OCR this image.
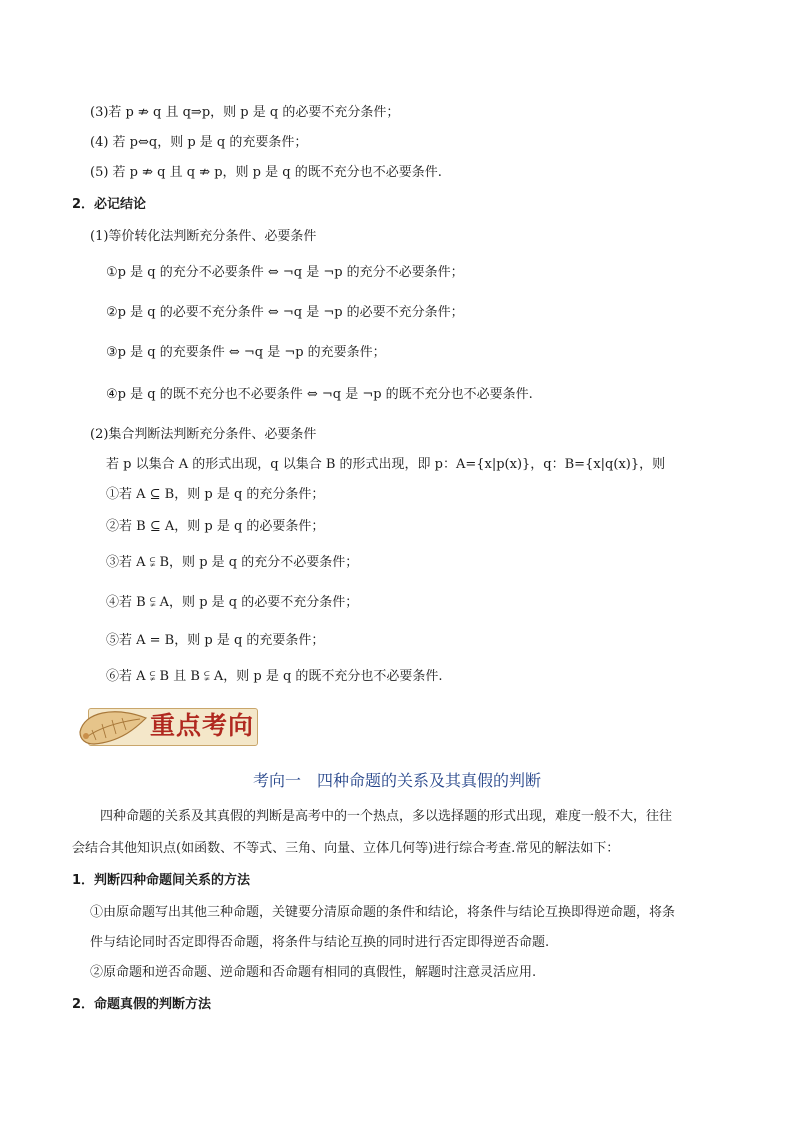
(3)若 p ⇏ q 且 q⇒p，则 p 是 q 的必要不充分条件；
(4) 若 p⇔q，则 p 是 q 的充要条件；
(5) 若 p ⇏ q 且 q ⇏ p，则 p 是 q 的既不充分也不必要条件.
2．必记结论
(1)等价转化法判断充分条件、必要条件
①p 是 q 的充分不必要条件 ⇔ ¬q 是 ¬p 的充分不必要条件；
②p 是 q 的必要不充分条件 ⇔ ¬q 是 ¬p 的必要不充分条件；
③p 是 q 的充要条件 ⇔ ¬q 是 ¬p 的充要条件；
④p 是 q 的既不充分也不必要条件 ⇔ ¬q 是 ¬p 的既不充分也不必要条件.
(2)集合判断法判断充分条件、必要条件
若 p 以集合 A 的形式出现，q 以集合 B 的形式出现，即 p：A={x|p(x)}，q：B={x|q(x)}，则
①若 A ⊆ B，则 p 是 q 的充分条件；
②若 B ⊆ A，则 p 是 q 的必要条件；
③若 A ⫋ B，则 p 是 q 的充分不必要条件；
④若 B ⫋ A，则 p 是 q 的必要不充分条件；
⑤若 A = B，则 p 是 q 的充要条件；
⑥若 A ⫋ B 且 B ⫋ A，则 p 是 q 的既不充分也不必要条件.
重点考向
考向一　四种命题的关系及其真假的判断
四种命题的关系及其真假的判断是高考中的一个热点，多以选择题的形式出现，难度一般不大，往往
会结合其他知识点(如函数、不等式、三角、向量、立体几何等)进行综合考查.常见的解法如下：
1．判断四种命题间关系的方法
①由原命题写出其他三种命题，关键要分清原命题的条件和结论，将条件与结论互换即得逆命题，将条
件与结论同时否定即得否命题，将条件与结论互换的同时进行否定即得逆否命题.
②原命题和逆否命题、逆命题和否命题有相同的真假性，解题时注意灵活应用.
2．命题真假的判断方法
